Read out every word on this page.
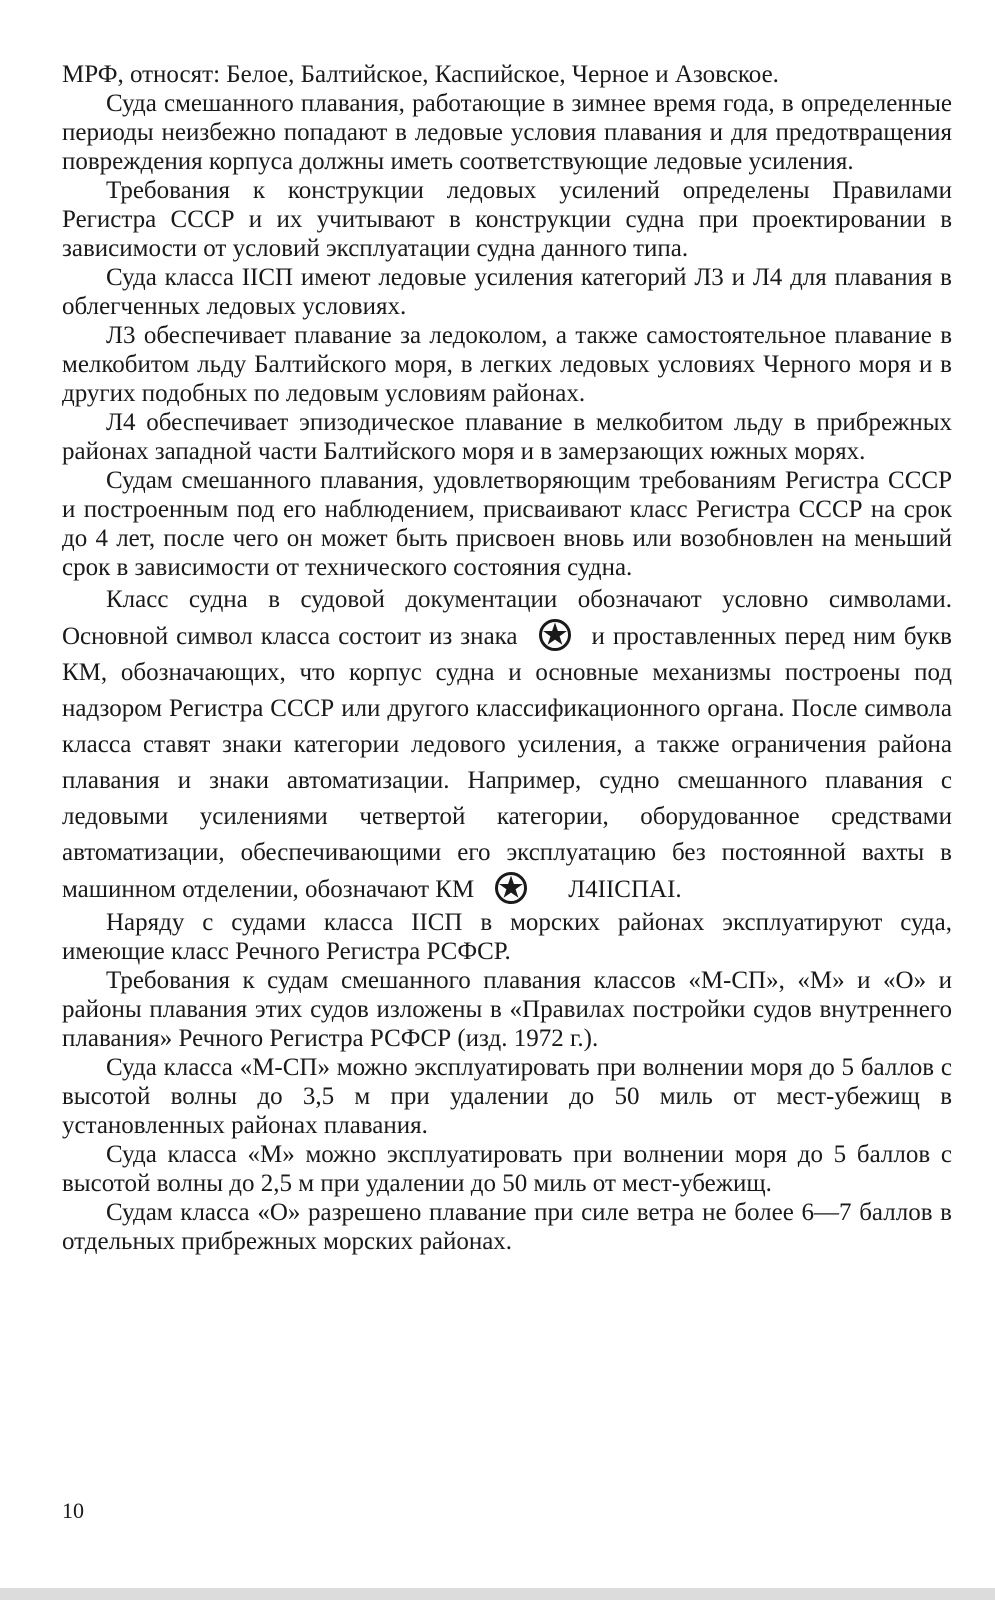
МРФ, относят: Белое, Балтийское, Каспийское, Черное и Азовское.

Суда смешанного плавания, работающие в зимнее время года, в определенные периоды неизбежно попадают в ледовые условия плавания и для предотвращения повреждения корпуса должны иметь соответствующие ледовые усиления.

Требования к конструкции ледовых усилений определены Правилами Регистра СССР и их учитывают в конструкции судна при проектировании в зависимости от условий эксплуатации судна данного типа.

Суда класса IIСП имеют ледовые усиления категорий Л3 и Л4 для плавания в облегченных ледовых условиях.

Л3 обеспечивает плавание за ледоколом, а также самостоятельное плавание в мелкобитом льду Балтийского моря, в легких ледовых условиях Черного моря и в других подобных по ледовым условиям районах.

Л4 обеспечивает эпизодическое плавание в мелкобитом льду в прибрежных районах западной части Балтийского моря и в замерзающих южных морях.

Судам смешанного плавания, удовлетворяющим требованиям Регистра СССР и построенным под его наблюдением, присваивают класс Регистра СССР на срок до 4 лет, после чего он может быть присвоен вновь или возобновлен на меньший срок в зависимости от технического состояния судна.

Класс судна в судовой документации обозначают условно символами. Основной символ класса состоит из знака	и проставленных перед ним букв КМ, обозначающих, что корпус судна и основные механизмы построены под надзором Регистра СССР или другого классификационного органа. После символа класса ставят знаки категории ледового усиления, а также ограничения района плавания и знаки автоматизации. Например, судно смешанного плавания с ледовыми усилениями четвертой категории, оборудованное средствами автоматизации, обеспечивающими его эксплуатацию без постоянной вахты в машинном отделении, обозначают КМ	Л4IIСПАI.

Наряду с судами класса IIСП в морских районах эксплуатируют суда, имеющие класс Речного Регистра РСФСР.

Требования к судам смешанного плавания классов «М-СП», «М» и «О» и районы плавания этих судов изложены в «Правилах постройки судов внутреннего плавания» Речного Регистра РСФСР (изд. 1972 г.).

Суда класса «М-СП» можно эксплуатировать при волнении моря до 5 баллов с высотой волны до 3,5 м при удалении до 50 миль от мест-убежищ в установленных районах плавания.

Суда класса «М» можно эксплуатировать при волнении моря до 5 баллов с высотой волны до 2,5 м при удалении до 50 миль от мест-убежищ.

Судам класса «О» разрешено плавание при силе ветра не более 6—7 баллов в отдельных прибрежных морских районах.

10
